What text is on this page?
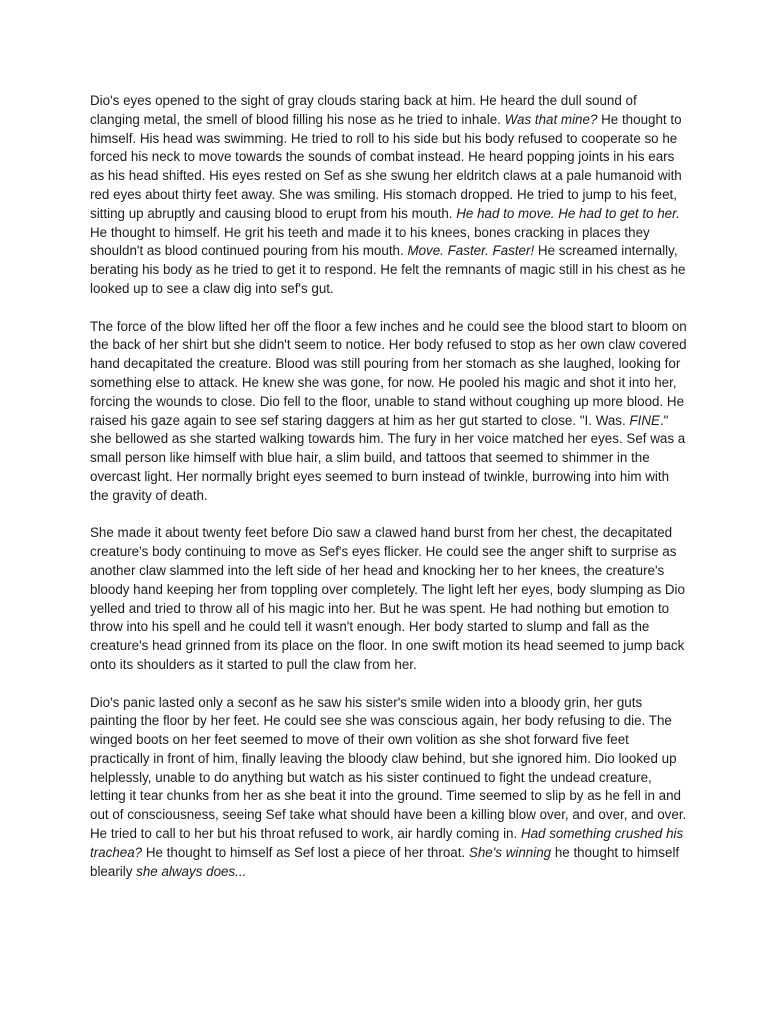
Dio's eyes opened to the sight of gray clouds staring back at him. He heard the dull sound of clanging metal, the smell of blood filling his nose as he tried to inhale. Was that mine? He thought to himself. His head was swimming. He tried to roll to his side but his body refused to cooperate so he forced his neck to move towards the sounds of combat instead. He heard popping joints in his ears as his head shifted. His eyes rested on Sef as she swung her eldritch claws at a pale humanoid with red eyes about thirty feet away. She was smiling. His stomach dropped. He tried to jump to his feet, sitting up abruptly and causing blood to erupt from his mouth. He had to move. He had to get to her. He thought to himself. He grit his teeth and made it to his knees, bones cracking in places they shouldn't as blood continued pouring from his mouth. Move. Faster. Faster! He screamed internally, berating his body as he tried to get it to respond. He felt the remnants of magic still in his chest as he looked up to see a claw dig into sef's gut.

The force of the blow lifted her off the floor a few inches and he could see the blood start to bloom on the back of her shirt but she didn't seem to notice. Her body refused to stop as her own claw covered hand decapitated the creature. Blood was still pouring from her stomach as she laughed, looking for something else to attack. He knew she was gone, for now. He pooled his magic and shot it into her, forcing the wounds to close. Dio fell to the floor, unable to stand without coughing up more blood. He raised his gaze again to see sef staring daggers at him as her gut started to close. "I. Was. FINE." she bellowed as she started walking towards him. The fury in her voice matched her eyes. Sef was a small person like himself with blue hair, a slim build, and tattoos that seemed to shimmer in the overcast light. Her normally bright eyes seemed to burn instead of twinkle, burrowing into him with the gravity of death.

She made it about twenty feet before Dio saw a clawed hand burst from her chest, the decapitated creature's body continuing to move as Sef's eyes flicker. He could see the anger shift to surprise as another claw slammed into the left side of her head and knocking her to her knees, the creature's bloody hand keeping her from toppling over completely. The light left her eyes, body slumping as Dio yelled and tried to throw all of his magic into her. But he was spent. He had nothing but emotion to throw into his spell and he could tell it wasn't enough. Her body started to slump and fall as the creature's head grinned from its place on the floor. In one swift motion its head seemed to jump back onto its shoulders as it started to pull the claw from her.

Dio's panic lasted only a seconf as he saw his sister's smile widen into a bloody grin, her guts painting the floor by her feet. He could see she was conscious again, her body refusing to die. The winged boots on her feet seemed to move of their own volition as she shot forward five feet practically in front of him, finally leaving the bloody claw behind, but she ignored him. Dio looked up helplessly, unable to do anything but watch as his sister continued to fight the undead creature, letting it tear chunks from her as she beat it into the ground. Time seemed to slip by as he fell in and out of consciousness, seeing Sef take what should have been a killing blow over, and over, and over. He tried to call to her but his throat refused to work, air hardly coming in. Had something crushed his trachea? He thought to himself as Sef lost a piece of her throat. She's winning he thought to himself blearily she always does...
